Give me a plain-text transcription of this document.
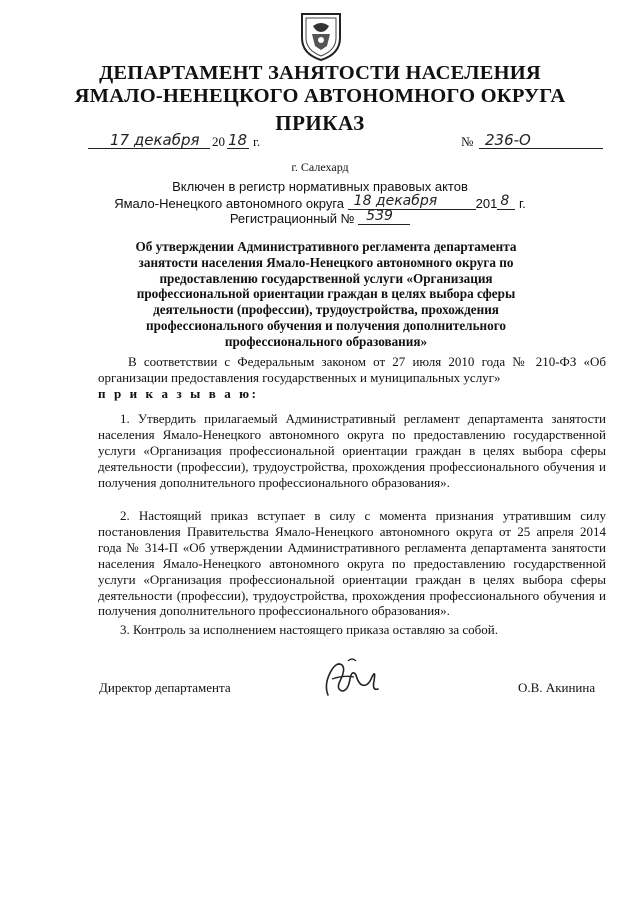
ДЕПАРТАМЕНТ ЗАНЯТОСТИ НАСЕЛЕНИЯ
ЯМАЛО-НЕНЕЦКОГО АВТОНОМНОГО ОКРУГА
ПРИКАЗ
17 декабря 20 18 г.	№ 236-О
г. Салехард
Включен в регистр нормативных правовых актов
Ямало-Ненецкого автономного округа 18 декабря	201 8 г.
Регистрационный № 539
Об утверждении Административного регламента департамента занятости населения Ямало-Ненецкого автономного округа по предоставлению государственной услуги «Организация профессиональной ориентации граждан в целях выбора сферы деятельности (профессии), трудоустройства, прохождения профессионального обучения и получения дополнительного профессионального образования»
В соответствии с Федеральным законом от 27 июля 2010 года № 210-ФЗ «Об организации предоставления государственных и муниципальных услуг»
п р и к а з ы в а ю:
1. Утвердить прилагаемый Административный регламент департамента занятости населения Ямало-Ненецкого автономного округа по предоставлению государственной услуги «Организация профессиональной ориентации граждан в целях выбора сферы деятельности (профессии), трудоустройства, прохождения профессионального обучения и получения дополнительного профессионального образования».
2. Настоящий приказ вступает в силу с момента признания утратившим силу постановления Правительства Ямало-Ненецкого автономного округа от 25 апреля 2014 года № 314-П «Об утверждении Административного регламента департамента занятости населения Ямало-Ненецкого автономного округа по предоставлению государственной услуги «Организация профессиональной ориентации граждан в целях выбора сферы деятельности (профессии), трудоустройства, прохождения профессионального обучения и получения дополнительного профессионального образования».
3. Контроль за исполнением настоящего приказа оставляю за собой.
Директор департамента	О.В. Акинина
